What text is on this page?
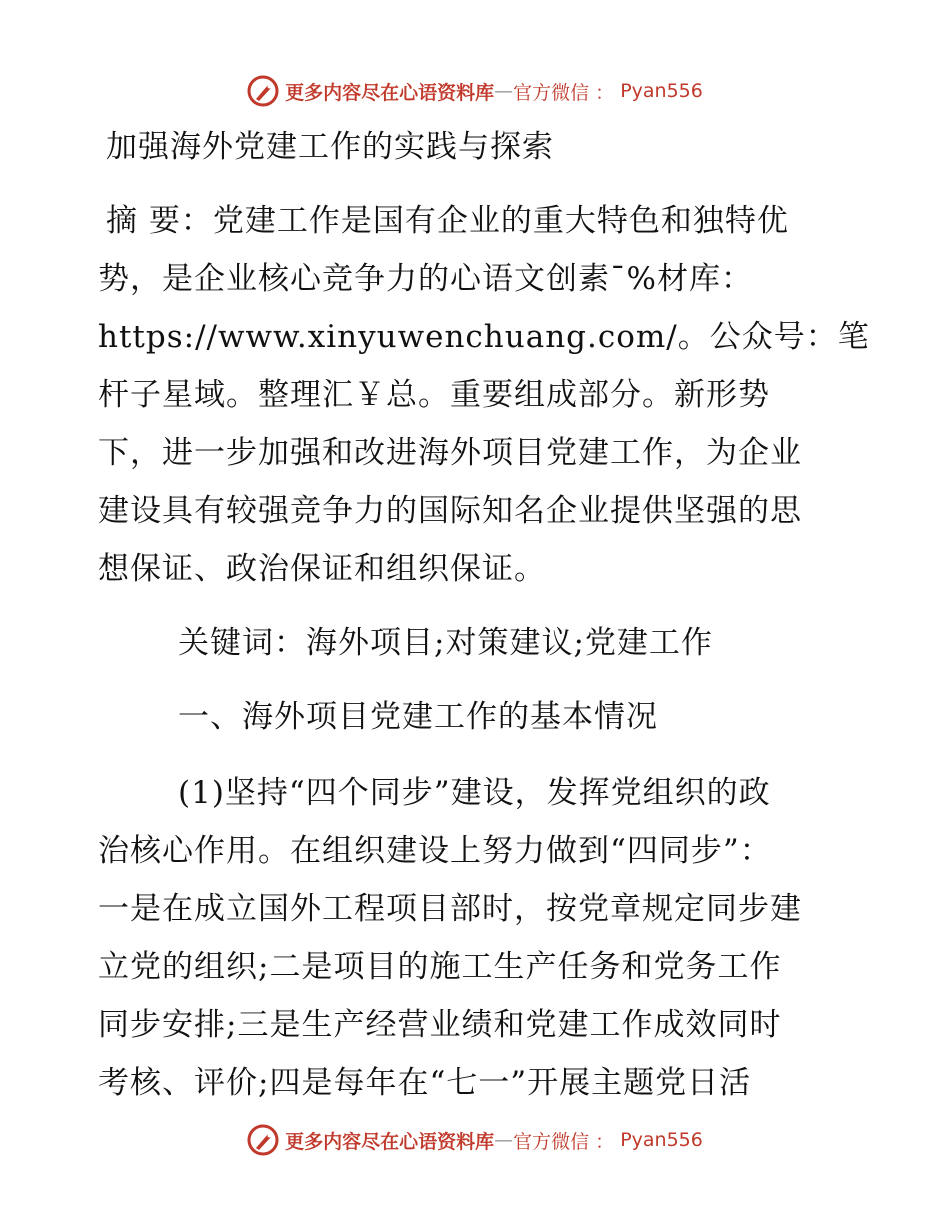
更多内容尽在心语资料库 — 官方微信 ： Pyan556
加强海外党建工作的实践与探索
摘 要：党建工作是国有企业的重大特色和独特优
势，是企业核心竞争力的心语文创素¯%材库：
https://www.xinyuwenchuang.com/。公众号：笔
杆子星域。整理汇￥总。重要组成部分。新形势
下，进一步加强和改进海外项目党建工作，为企业
建设具有较强竞争力的国际知名企业提供坚强的思
想保证、政治保证和组织保证。
关键词：海外项目;对策建议;党建工作
一、海外项目党建工作的基本情况
(1)坚持“四个同步”建设，发挥党组织的政
治核心作用。在组织建设上努力做到“四同步”：
一是在成立国外工程项目部时，按党章规定同步建
立党的组织;二是项目的施工生产任务和党务工作
同步安排;三是生产经营业绩和党建工作成效同时
考核、评价;四是每年在“七一”开展主题党日活
更多内容尽在心语资料库 — 官方微信 ： Pyan556
